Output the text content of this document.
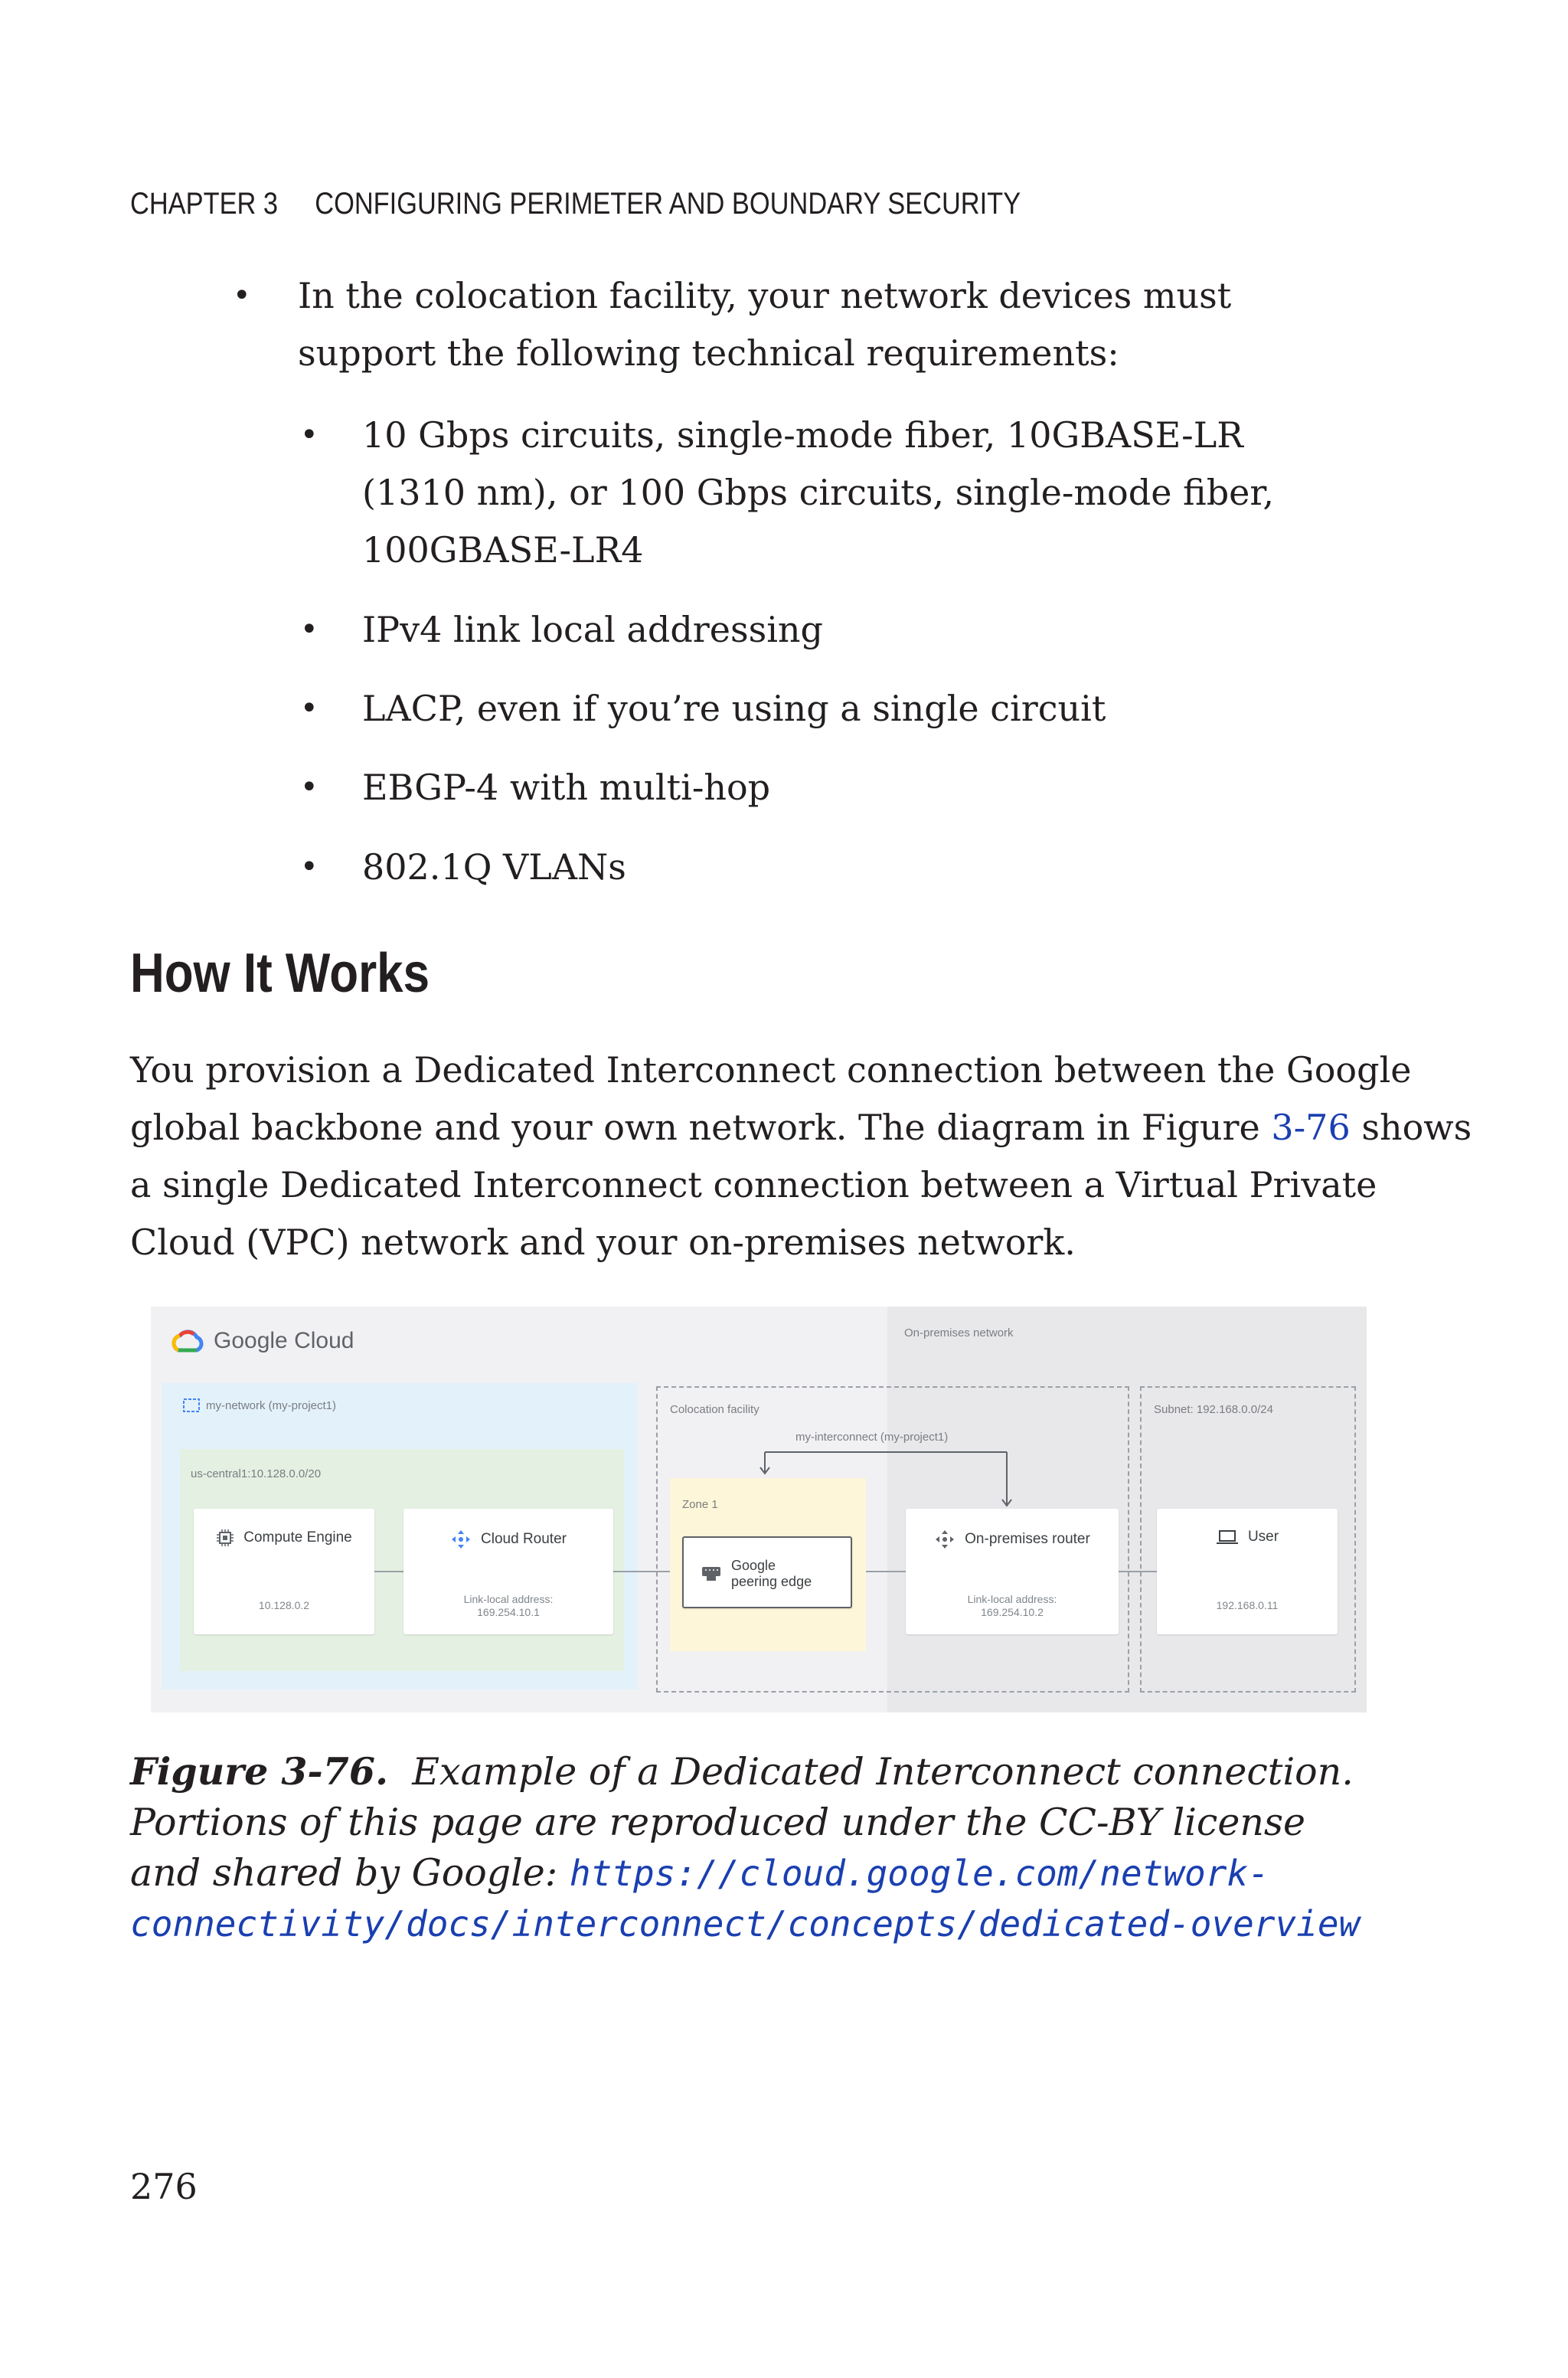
CHAPTER 3 CONFIGURING PERIMETER AND BOUNDARY SECURITY
• In the colocation facility, your network devices must
support the following technical requirements:
• 10 Gbps circuits, single-mode fiber, 10GBASE-LR
(1310 nm), or 100 Gbps circuits, single-mode fiber,
100GBASE-LR4
• IPv4 link local addressing
• LACP, even if you’re using a single circuit
• EBGP-4 with multi-hop
• 802.1Q VLANs
How It Works
You provision a Dedicated Interconnect connection between the Google
global backbone and your own network. The diagram in Figure 3-76 shows
a single Dedicated Interconnect connection between a Virtual Private
Cloud (VPC) network and your on-premises network.
On-premises network
Google Cloud
my-network (my-project1)
us-central1:10.128.0.0/20
Colocation facility
my-interconnect (my-project1)
Zone 1
Subnet: 192.168.0.0/24
Compute Engine
10.128.0.2
Cloud Router
Link-local address:
169.254.10.1
Google
peering edge
On-premises router
Link-local address:
169.254.10.2
User
192.168.0.11
Figure 3-76. Example of a Dedicated Interconnect connection.
Portions of this page are reproduced under the CC-BY license
and shared by Google: https://cloud.google.com/network-
connectivity/docs/interconnect/concepts/dedicated-overview
276
